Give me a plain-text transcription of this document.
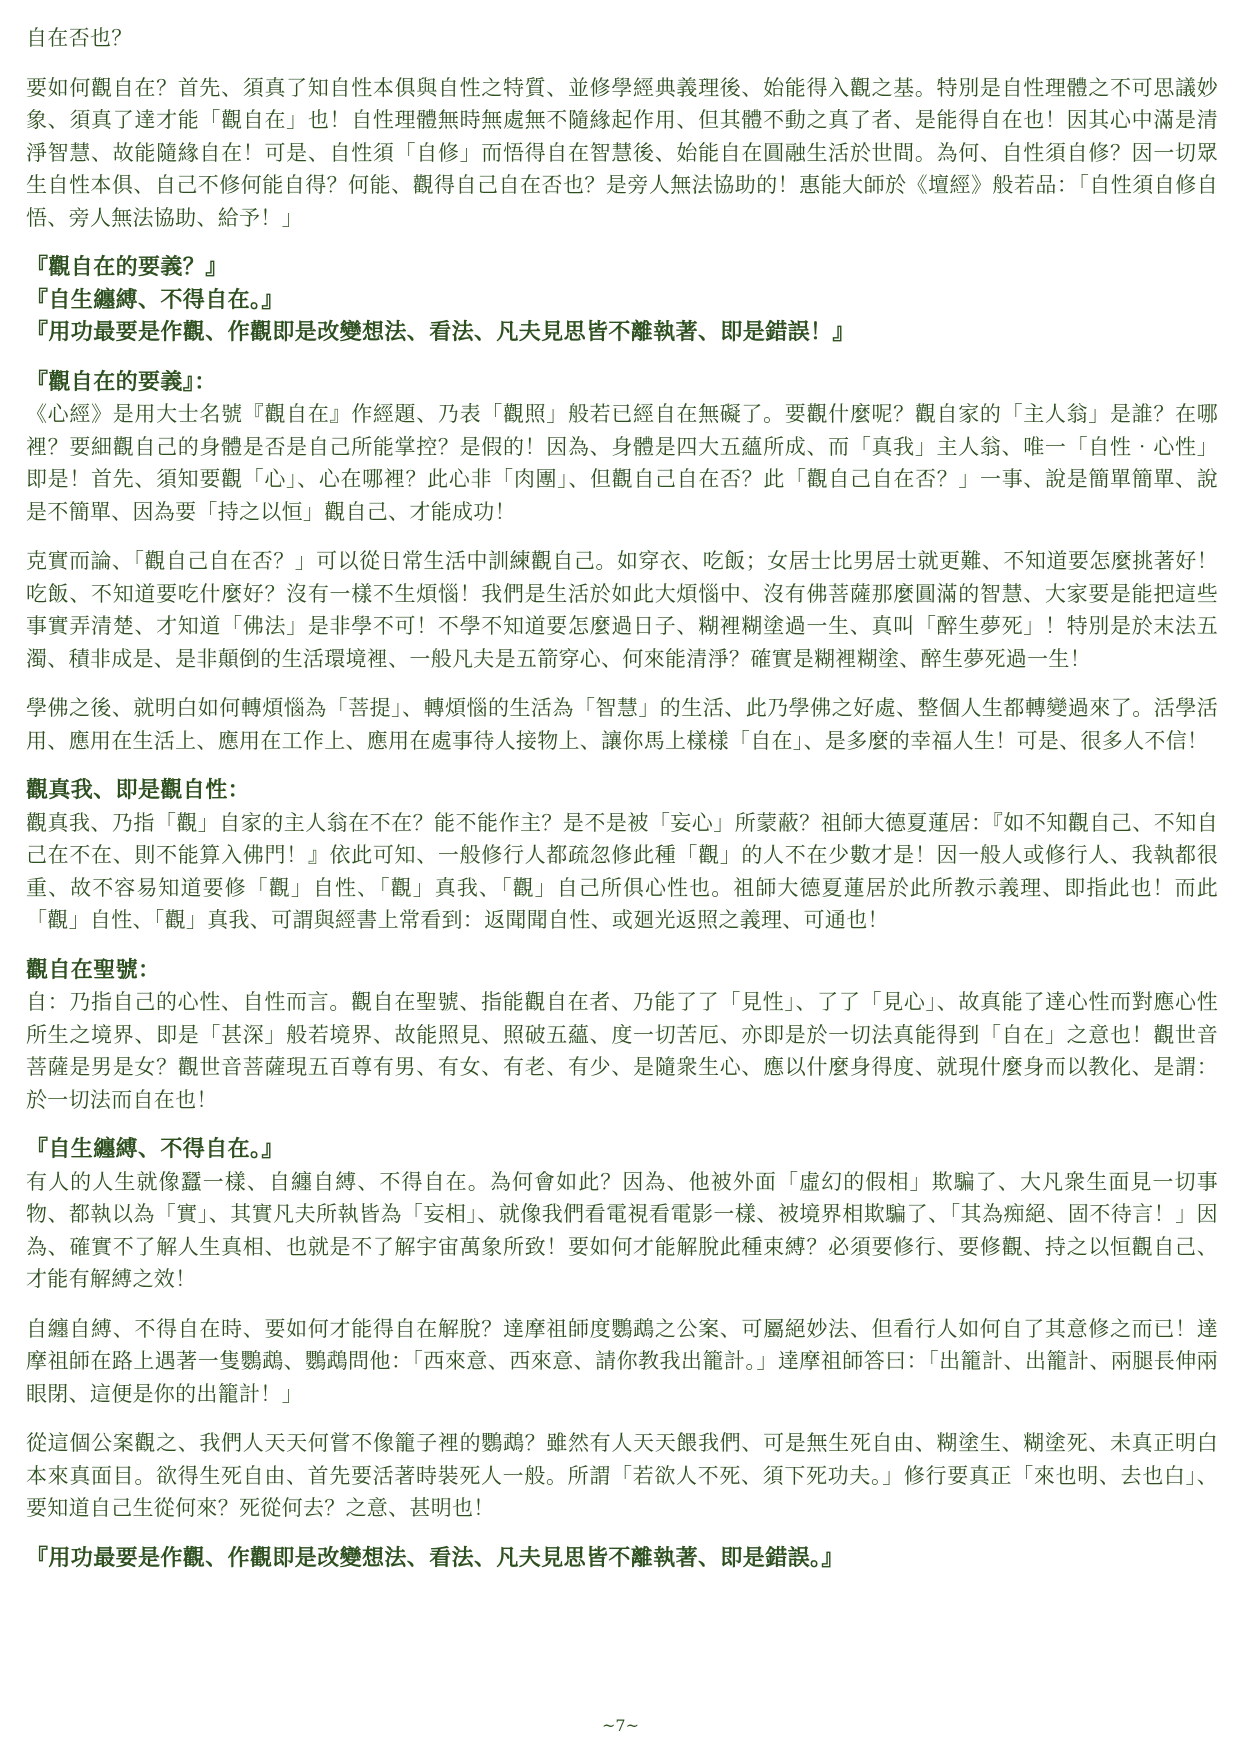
自在否也？

要如何觀自在？首先、須真了知自性本俱與自性之特質、並修學經典義理後、始能得入觀之基。特別是自性理體之不可思議妙象、須真了達才能「觀自在」也！自性理體無時無處無不隨緣起作用、但其體不動之真了者、是能得自在也！因其心中滿是清淨智慧、故能隨緣自在！可是、自性須「自修」而悟得自在智慧後、始能自在圓融生活於世間。為何、自性須自修？因一切眾生自性本俱、自己不修何能自得？何能、觀得自己自在否也？是旁人無法協助的！惠能大師於《壇經》般若品：「自性須自修自悟、旁人無法協助、給予！」

『觀自在的要義？』

『自生纏縛、不得自在。』

『用功最要是作觀、作觀即是改變想法、看法、凡夫見思皆不離執著、即是錯誤！』

『觀自在的要義』：

《心經》是用大士名號『觀自在』作經題、乃表「觀照」般若已經自在無礙了。要觀什麼呢？觀自家的「主人翁」是誰？在哪裡？要細觀自己的身體是否是自己所能掌控？是假的！因為、身體是四大五蘊所成、而「真我」主人翁、唯一「自性‧心性」即是！首先、須知要觀「心」、心在哪裡？此心非「肉團」、但觀自己自在否？此「觀自己自在否？」一事、說是簡單簡單、說是不簡單、因為要「持之以恒」觀自己、才能成功！

克實而論、「觀自己自在否？」可以從日常生活中訓練觀自己。如穿衣、吃飯；女居士比男居士就更難、不知道要怎麼挑著好！吃飯、不知道要吃什麼好？沒有一樣不生煩惱！我們是生活於如此大煩惱中、沒有佛菩薩那麼圓滿的智慧、大家要是能把這些事實弄清楚、才知道「佛法」是非學不可！不學不知道要怎麼過日子、糊裡糊塗過一生、真叫「醉生夢死」！特別是於末法五濁、積非成是、是非顛倒的生活環境裡、一般凡夫是五箭穿心、何來能清淨？確實是糊裡糊塗、醉生夢死過一生！

學佛之後、就明白如何轉煩惱為「菩提」、轉煩惱的生活為「智慧」的生活、此乃學佛之好處、整個人生都轉變過來了。活學活用、應用在生活上、應用在工作上、應用在處事待人接物上、讓你馬上樣樣「自在」、是多麼的幸福人生！可是、很多人不信！

觀真我、即是觀自性：

觀真我、乃指「觀」自家的主人翁在不在？能不能作主？是不是被「妄心」所蒙蔽？祖師大德夏蓮居：『如不知觀自己、不知自己在不在、則不能算入佛門！』依此可知、一般修行人都疏忽修此種「觀」的人不在少數才是！因一般人或修行人、我執都很重、故不容易知道要修「觀」自性、「觀」真我、「觀」自己所俱心性也。祖師大德夏蓮居於此所教示義理、即指此也！而此「觀」自性、「觀」真我、可謂與經書上常看到：返聞聞自性、或廻光返照之義理、可通也！

觀自在聖號：

自：乃指自己的心性、自性而言。觀自在聖號、指能觀自在者、乃能了了「見性」、了了「見心」、故真能了達心性而對應心性所生之境界、即是「甚深」般若境界、故能照見、照破五蘊、度一切苦厄、亦即是於一切法真能得到「自在」之意也！觀世音菩薩是男是女？觀世音菩薩現五百尊有男、有女、有老、有少、是隨衆生心、應以什麼身得度、就現什麼身而以教化、是謂：於一切法而自在也！

『自生纏縛、不得自在。』

有人的人生就像蠶一樣、自纏自縛、不得自在。為何會如此？因為、他被外面「虛幻的假相」欺騙了、大凡衆生面見一切事物、都執以為「實」、其實凡夫所執皆為「妄相」、就像我們看電視看電影一樣、被境界相欺騙了、「其為痴絕、固不待言！」因為、確實不了解人生真相、也就是不了解宇宙萬象所致！要如何才能解脫此種束縛？必須要修行、要修觀、持之以恒觀自己、才能有解縛之效！

自纏自縛、不得自在時、要如何才能得自在解脫？達摩祖師度鸚鵡之公案、可屬絕妙法、但看行人如何自了其意修之而已！達摩祖師在路上遇著一隻鸚鵡、鸚鵡問他：「西來意、西來意、請你教我出籠計。」達摩祖師答曰：「出籠計、出籠計、兩腿長伸兩眼閉、這便是你的出籠計！」

從這個公案觀之、我們人天天何嘗不像籠子裡的鸚鵡？雖然有人天天餵我們、可是無生死自由、糊塗生、糊塗死、未真正明白本來真面目。欲得生死自由、首先要活著時裝死人一般。所謂「若欲人不死、須下死功夫。」修行要真正「來也明、去也白」、要知道自己生從何來？死從何去？之意、甚明也！

『用功最要是作觀、作觀即是改變想法、看法、凡夫見思皆不離執著、即是錯誤。』

~7~
